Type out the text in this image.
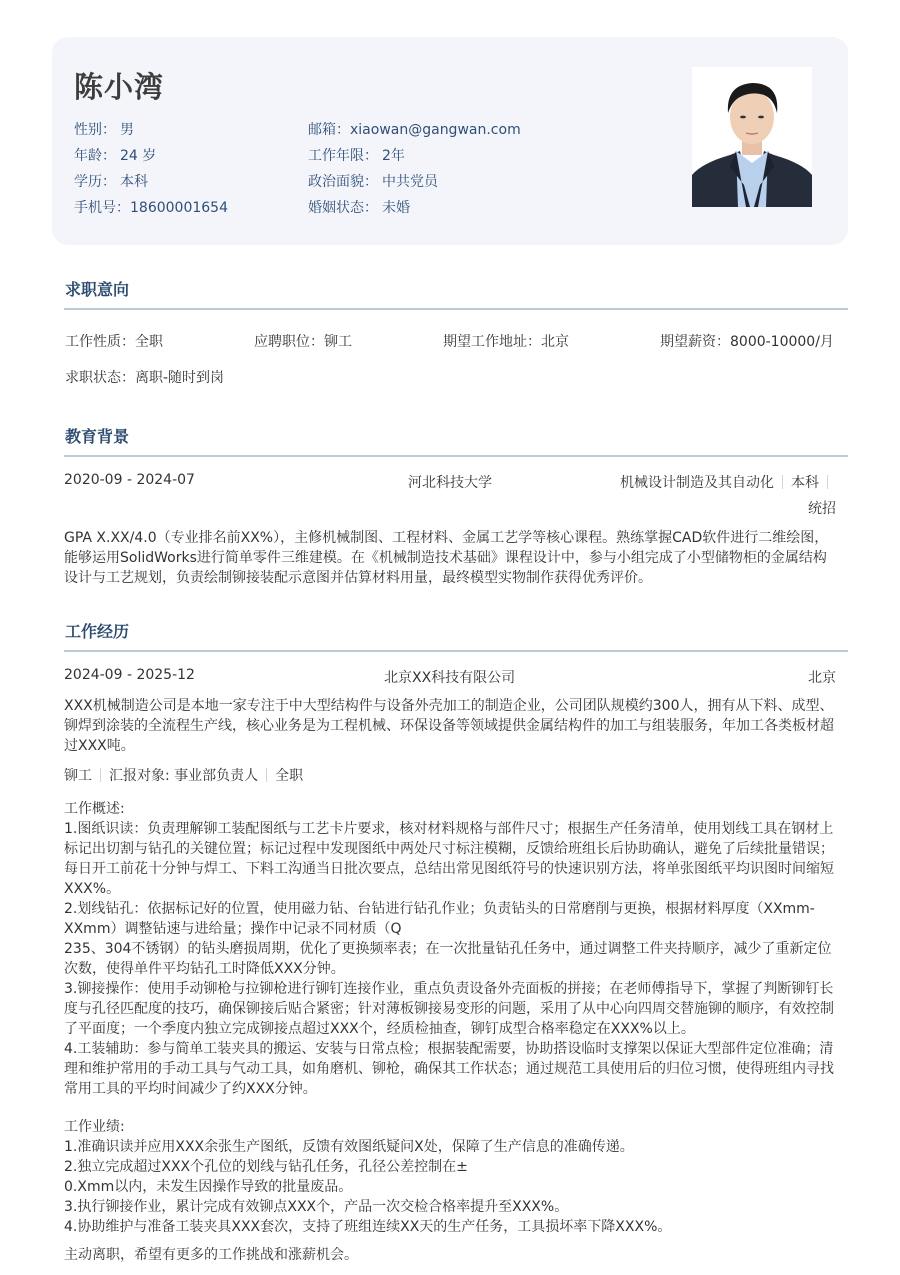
陈小湾
性别： 男
年龄： 24 岁
学历： 本科
手机号：18600001654
邮箱：xiaowan@gangwan.com
工作年限： 2年
政治面貌： 中共党员
婚姻状态： 未婚
求职意向
工作性质：全职	应聘职位：铆工	期望工作地址：北京	期望薪资：8000-10000/月
求职状态：离职-随时到岗
教育背景
2020-09 - 2024-07	河北科技大学	机械设计制造及其自动化 本科
统招
GPA X.XX/4.0（专业排名前XX%），主修机械制图、工程材料、金属工艺学等核心课程。熟练掌握CAD软件进行二维绘图，能够运用SolidWorks进行简单零件三维建模。在《机械制造技术基础》课程设计中，参与小组完成了小型储物柜的金属结构设计与工艺规划，负责绘制铆接装配示意图并估算材料用量，最终模型实物制作获得优秀评价。
工作经历
2024-09 - 2025-12	北京XX科技有限公司	北京
XXX机械制造公司是本地一家专注于中大型结构件与设备外壳加工的制造企业，公司团队规模约300人，拥有从下料、成型、铆焊到涂装的全流程生产线，核心业务是为工程机械、环保设备等领域提供金属结构件的加工与组装服务，年加工各类板材超过XXX吨。
铆工 汇报对象: 事业部负责人 全职
工作概述:
1.图纸识读：负责理解铆工装配图纸与工艺卡片要求，核对材料规格与部件尺寸；根据生产任务清单，使用划线工具在钢材上标记出切割与钻孔的关键位置；标记过程中发现图纸中两处尺寸标注模糊，反馈给班组长后协助确认，避免了后续批量错误；每日开工前花十分钟与焊工、下料工沟通当日批次要点，总结出常见图纸符号的快速识别方法，将单张图纸平均识图时间缩短XXX%。
2.划线钻孔：依据标记好的位置，使用磁力钻、台钻进行钻孔作业；负责钻头的日常磨削与更换，根据材料厚度（XXmm-XXmm）调整钻速与进给量；操作中记录不同材质（Q
235、304不锈钢）的钻头磨损周期，优化了更换频率表；在一次批量钻孔任务中，通过调整工件夹持顺序，减少了重新定位次数，使得单件平均钻孔工时降低XXX分钟。
3.铆接操作：使用手动铆枪与拉铆枪进行铆钉连接作业，重点负责设备外壳面板的拼接；在老师傅指导下，掌握了判断铆钉长度与孔径匹配度的技巧，确保铆接后贴合紧密；针对薄板铆接易变形的问题，采用了从中心向四周交替施铆的顺序，有效控制了平面度；一个季度内独立完成铆接点超过XXX个，经质检抽查，铆钉成型合格率稳定在XXX%以上。
4.工装辅助：参与简单工装夹具的搬运、安装与日常点检；根据装配需要，协助搭设临时支撑架以保证大型部件定位准确；清理和维护常用的手动工具与气动工具，如角磨机、铆枪，确保其工作状态；通过规范工具使用后的归位习惯，使得班组内寻找常用工具的平均时间减少了约XXX分钟。
工作业绩:
1.准确识读并应用XXX余张生产图纸，反馈有效图纸疑问X处，保障了生产信息的准确传递。
2.独立完成超过XXX个孔位的划线与钻孔任务，孔径公差控制在±
0.Xmm以内，未发生因操作导致的批量废品。
3.执行铆接作业，累计完成有效铆点XXX个，产品一次交检合格率提升至XXX%。
4.协助维护与准备工装夹具XXX套次，支持了班组连续XX天的生产任务，工具损坏率下降XXX%。
主动离职，希望有更多的工作挑战和涨薪机会。
